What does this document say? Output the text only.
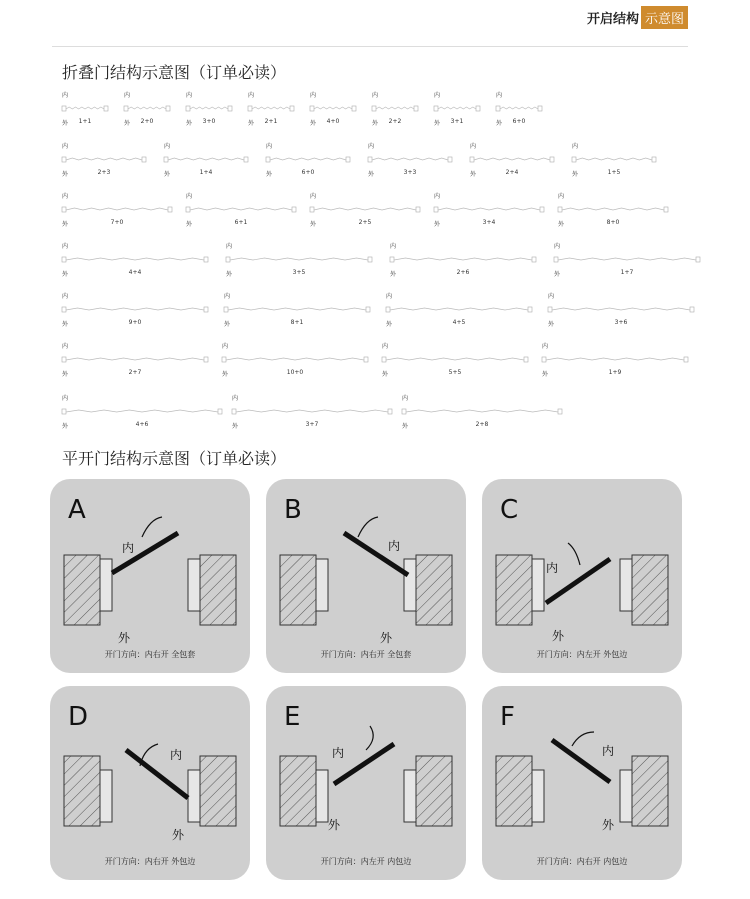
开启结构 示意图
折叠门结构示意图（订单必读）
内
外 1+1
内
外 2+0
内
外 3+0
内
外 2+1
内
外 4+0
内
外 2+2
内
外 3+1
内
外 6+0
内
外	2+3
内
外	1+4
内
外	6+0
内
外	3+3
内
外	2+4
内
外	1+5
内
外	7+0
内
外	6+1
内
外	2+5
内
外	3+4
内
外	8+0
内
外	4+4
内
外	3+5
内
外	2+6
内
外	1+7
内
外	9+0
内
外	8+1
内
外	4+5
内
外	3+6
内
外	2+7
内
外	10+0
内
外	5+5
内
外	1+9
内
外	4+6
内
外	3+7
内
外	2+8
平开门结构示意图（订单必读）
A
内
外
开门方向：内右开 全包套
B
内
外
开门方向：内右开 全包套
C
内
外
开门方向：内左开 外包边
D
内
外
开门方向：内右开 外包边
E
内
外
开门方向：内左开 内包边
F
内
外
开门方向：内右开 内包边
